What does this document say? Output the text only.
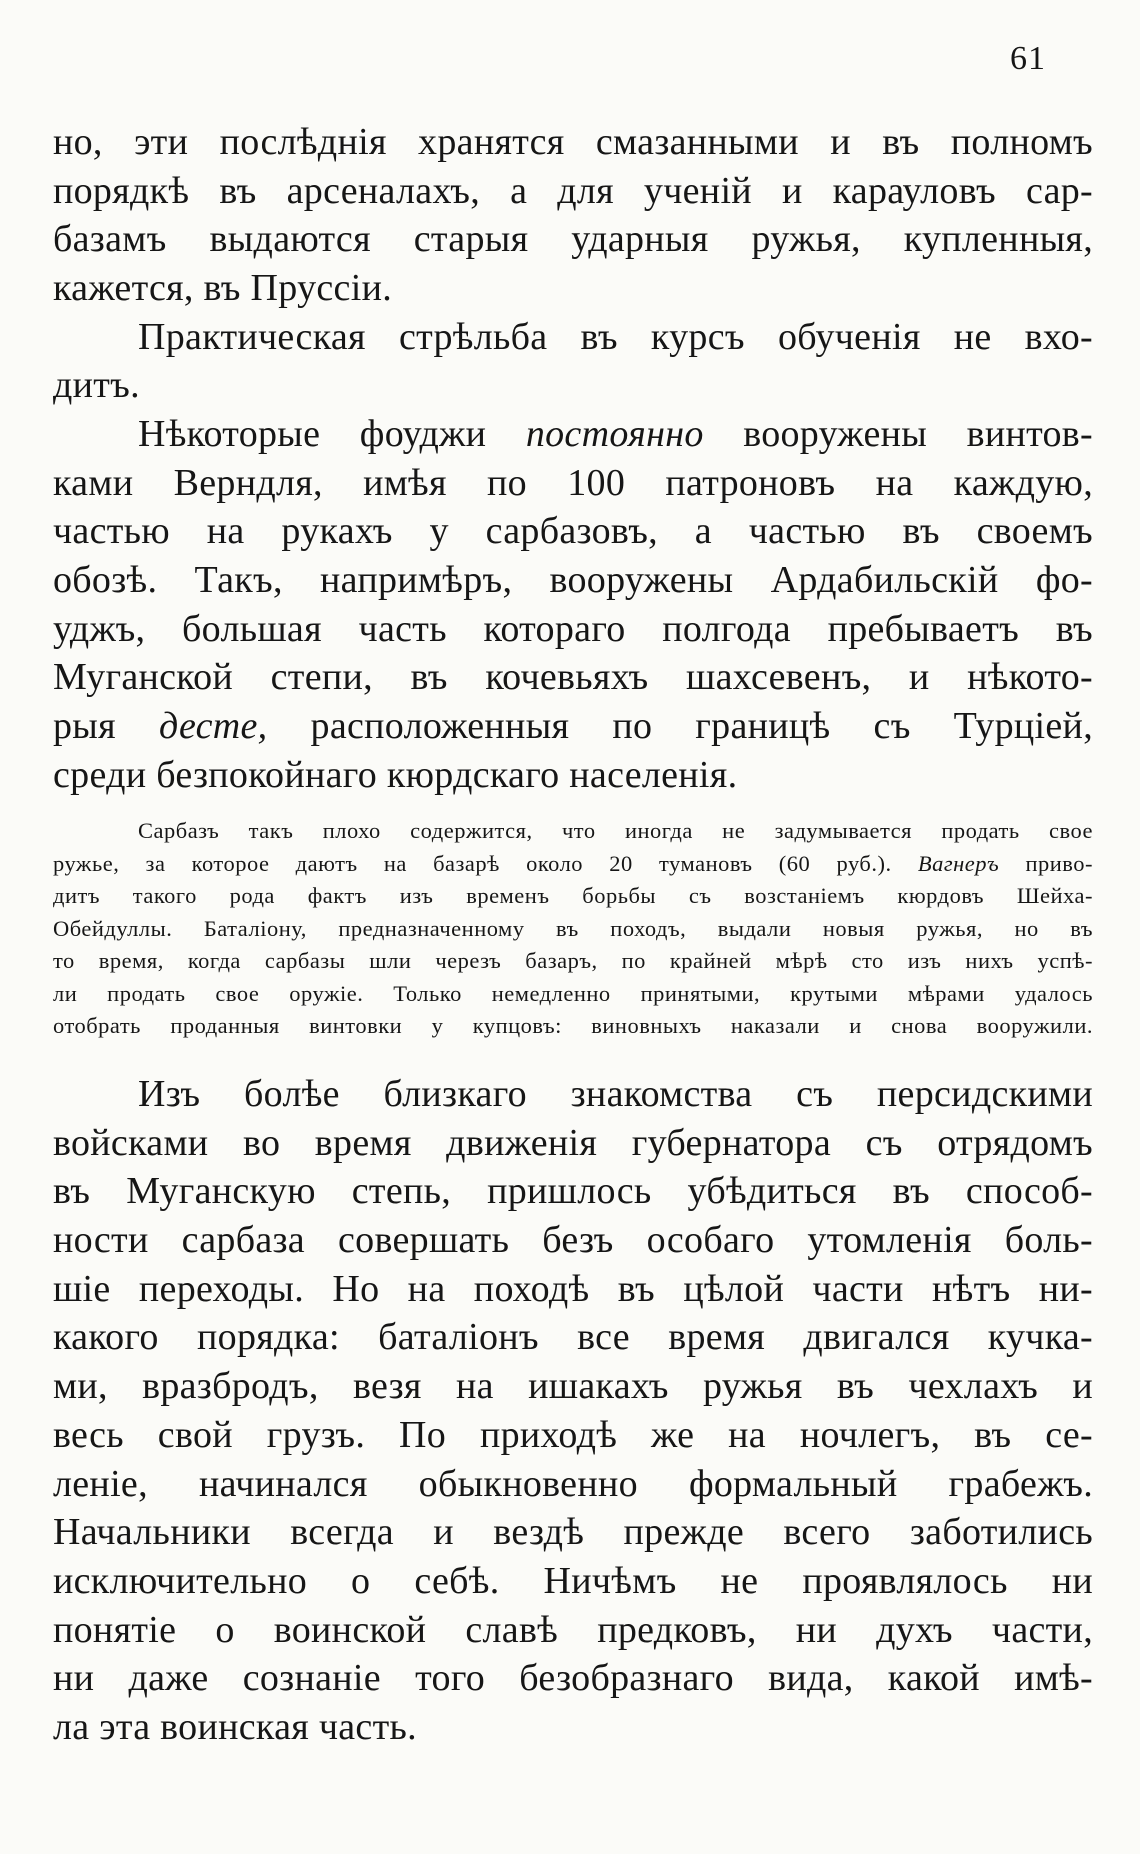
61
но, эти послѣднія хранятся смазанными и въ полномъ
порядкѣ въ арсеналахъ, а для ученій и карауловъ сар-
базамъ выдаются старыя ударныя ружья, купленныя,
кажется, въ Пруссіи.
Практическая стрѣльба въ курсъ обученія не вхо-
дитъ.
Нѣкоторые фоуджи постоянно вооружены винтов-
ками Верндля, имѣя по 100 патроновъ на каждую,
частью на рукахъ у сарбазовъ, а частью въ своемъ
обозѣ. Такъ, напримѣръ, вооружены Ардабильскій фо-
уджъ, большая часть котораго полгода пребываетъ въ
Муганской степи, въ кочевьяхъ шахсевенъ, и нѣкото-
рыя десте, расположенныя по границѣ съ Турціей,
среди безпокойнаго кюрдскаго населенія.
Сарбазъ такъ плохо содержится, что иногда не задумывается продать свое
ружье, за которое даютъ на базарѣ около 20 тумановъ (60 руб.). Вагнеръ приво-
дитъ такого рода фактъ изъ временъ борьбы съ возстаніемъ кюрдовъ Шейха-
Обейдуллы. Баталіону, предназначенному въ походъ, выдали новыя ружья, но въ
то время, когда сарбазы шли черезъ базаръ, по крайней мѣрѣ сто изъ нихъ успѣ-
ли продать свое оружіе. Только немедленно принятыми, крутыми мѣрами удалось
отобрать проданныя винтовки у купцовъ: виновныхъ наказали и снова вооружили.
Изъ болѣе близкаго знакомства съ персидскими
войсками во время движенія губернатора съ отрядомъ
въ Муганскую степь, пришлось убѣдиться въ способ-
ности сарбаза совершать безъ особаго утомленія боль-
шіе переходы. Но на походѣ въ цѣлой части нѣтъ ни-
какого порядка: баталіонъ все время двигался кучка-
ми, вразбродъ, везя на ишакахъ ружья въ чехлахъ и
весь свой грузъ. По приходѣ же на ночлегъ, въ се-
леніе, начинался обыкновенно формальный грабежъ.
Начальники всегда и вездѣ прежде всего заботились
исключительно о себѣ. Ничѣмъ не проявлялось ни
понятіе о воинской славѣ предковъ, ни духъ части,
ни даже сознаніе того безобразнаго вида, какой имѣ-
ла эта воинская часть.
